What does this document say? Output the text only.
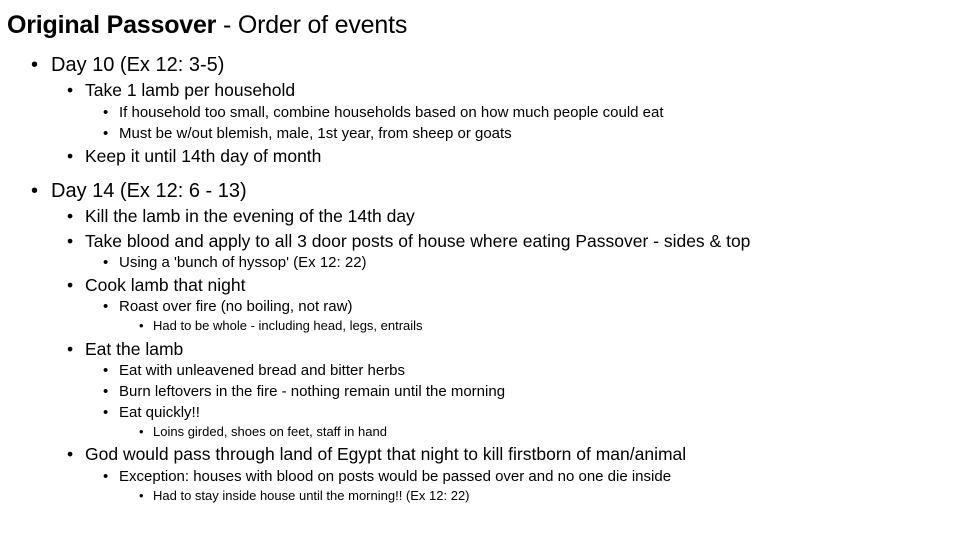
Original Passover - Order of events
• Day 10 (Ex 12: 3-5)
• Take 1 lamb per household
• If household too small, combine households based on how much people could eat
• Must be w/out blemish, male, 1st year, from sheep or goats
• Keep it until 14th day of month
• Day 14 (Ex 12: 6 - 13)
• Kill the lamb in the evening of the 14th day
• Take blood and apply to all 3 door posts of house where eating Passover - sides & top
• Using a 'bunch of hyssop' (Ex 12: 22)
• Cook lamb that night
• Roast over fire (no boiling, not raw)
• Had to be whole - including head, legs, entrails
• Eat the lamb
• Eat with unleavened bread and bitter herbs
• Burn leftovers in the fire - nothing remain until the morning
• Eat quickly!!
• Loins girded, shoes on feet, staff in hand
• God would pass through land of Egypt that night to kill firstborn of man/animal
• Exception: houses with blood on posts would be passed over and no one die inside
• Had to stay inside house until the morning!! (Ex 12: 22)
